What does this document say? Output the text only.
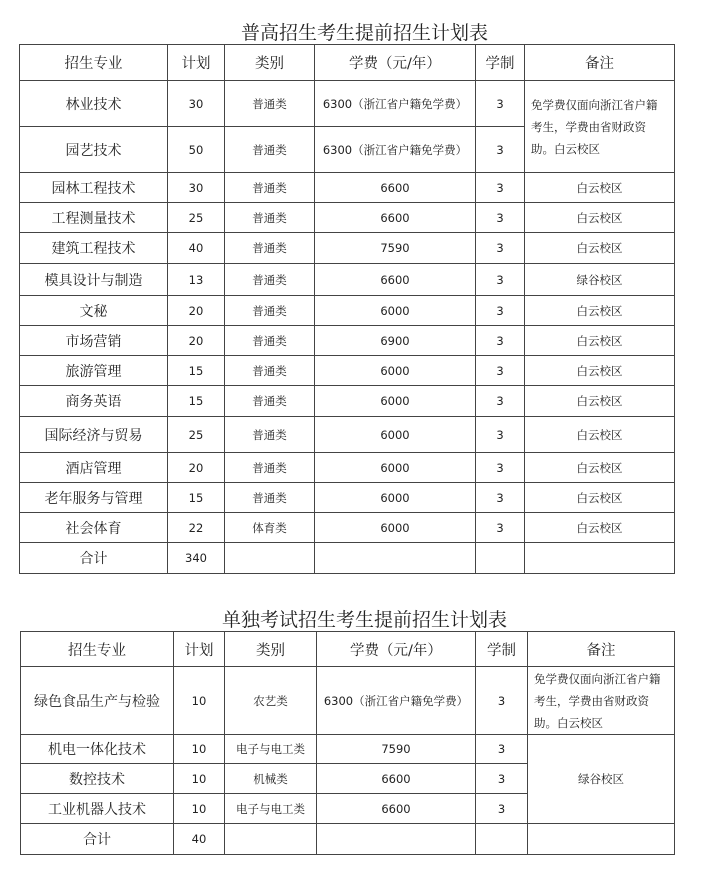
普高招生考生提前招生计划表
招生专业	计划	类别	学费（元/年）	学制	备注
林业技术	30	普通类	6300（浙江省户籍免学费）	3	免学费仅面向浙江省户籍考生，学费由省财政资助。白云校区
园艺技术	50	普通类	6300（浙江省户籍免学费）	3	
园林工程技术	30	普通类	6600	3	白云校区
工程测量技术	25	普通类	6600	3	白云校区
建筑工程技术	40	普通类	7590	3	白云校区
模具设计与制造	13	普通类	6600	3	绿谷校区
文秘	20	普通类	6000	3	白云校区
市场营销	20	普通类	6900	3	白云校区
旅游管理	15	普通类	6000	3	白云校区
商务英语	15	普通类	6000	3	白云校区
国际经济与贸易	25	普通类	6000	3	白云校区
酒店管理	20	普通类	6000	3	白云校区
老年服务与管理	15	普通类	6000	3	白云校区
社会体育	22	体育类	6000	3	白云校区
合计	340				
单独考试招生考生提前招生计划表
招生专业	计划	类别	学费（元/年）	学制	备注
绿色食品生产与检验	10	农艺类	6300（浙江省户籍免学费）	3	免学费仅面向浙江省户籍考生，学费由省财政资助。白云校区
机电一体化技术	10	电子与电工类	7590	3	绿谷校区
数控技术	10	机械类	6600	3	
工业机器人技术	10	电子与电工类	6600	3	
合计	40				
